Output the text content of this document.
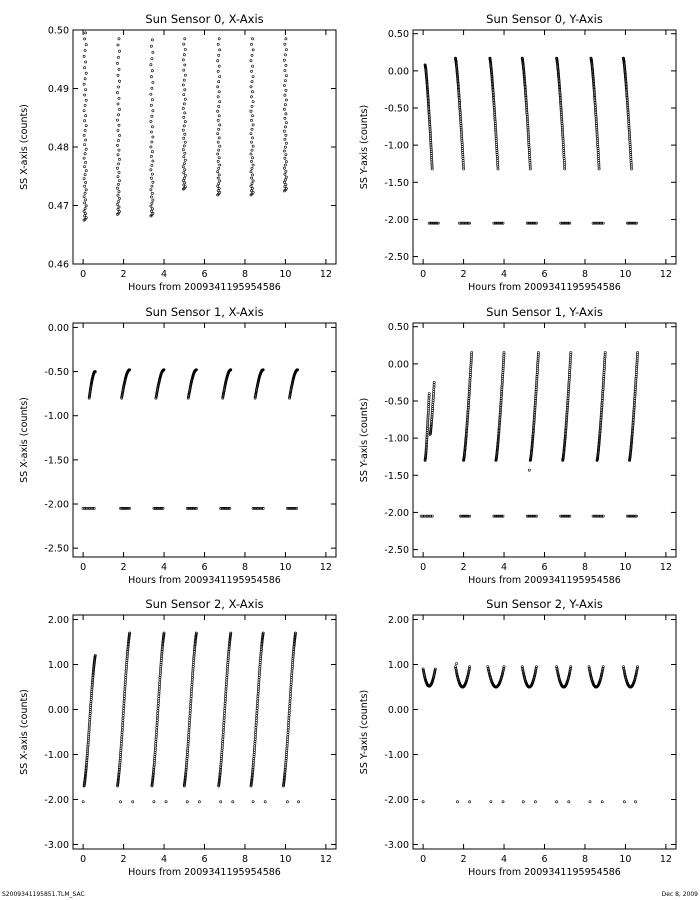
Sun Sensor 0, X-Axis
0	2	4	6	8	10	12
0.46
0.47
0.48
0.49
0.50
Hours from 2009341195954586
SS X-axis (counts)
Sun Sensor 0, Y-Axis
0	2	4	6	8	10	12
-2.50
-2.00
-1.50
-1.00
-0.50
0.00
0.50
Hours from 2009341195954586
SS Y-axis (counts)
Sun Sensor 1, X-Axis
0	2	4	6	8	10	12
-2.50
-2.00
-1.50
-1.00
-0.50
0.00
Hours from 2009341195954586
SS X-axis (counts)
Sun Sensor 1, Y-Axis
0	2	4	6	8	10	12
-2.50
-2.00
-1.50
-1.00
-0.50
0.00
0.50
Hours from 2009341195954586
SS Y-axis (counts)
Sun Sensor 2, X-Axis
0	2	4	6	8	10	12
-3.00
-2.00
-1.00
0.00
1.00
2.00
Hours from 2009341195954586
SS X-axis (counts)
Sun Sensor 2, Y-Axis
0	2	4	6	8	10	12
-3.00
-2.00
-1.00
0.00
1.00
2.00
Hours from 2009341195954586
SS Y-axis (counts)
S2009341195851.TLM_SAC	Dec 8, 2009
